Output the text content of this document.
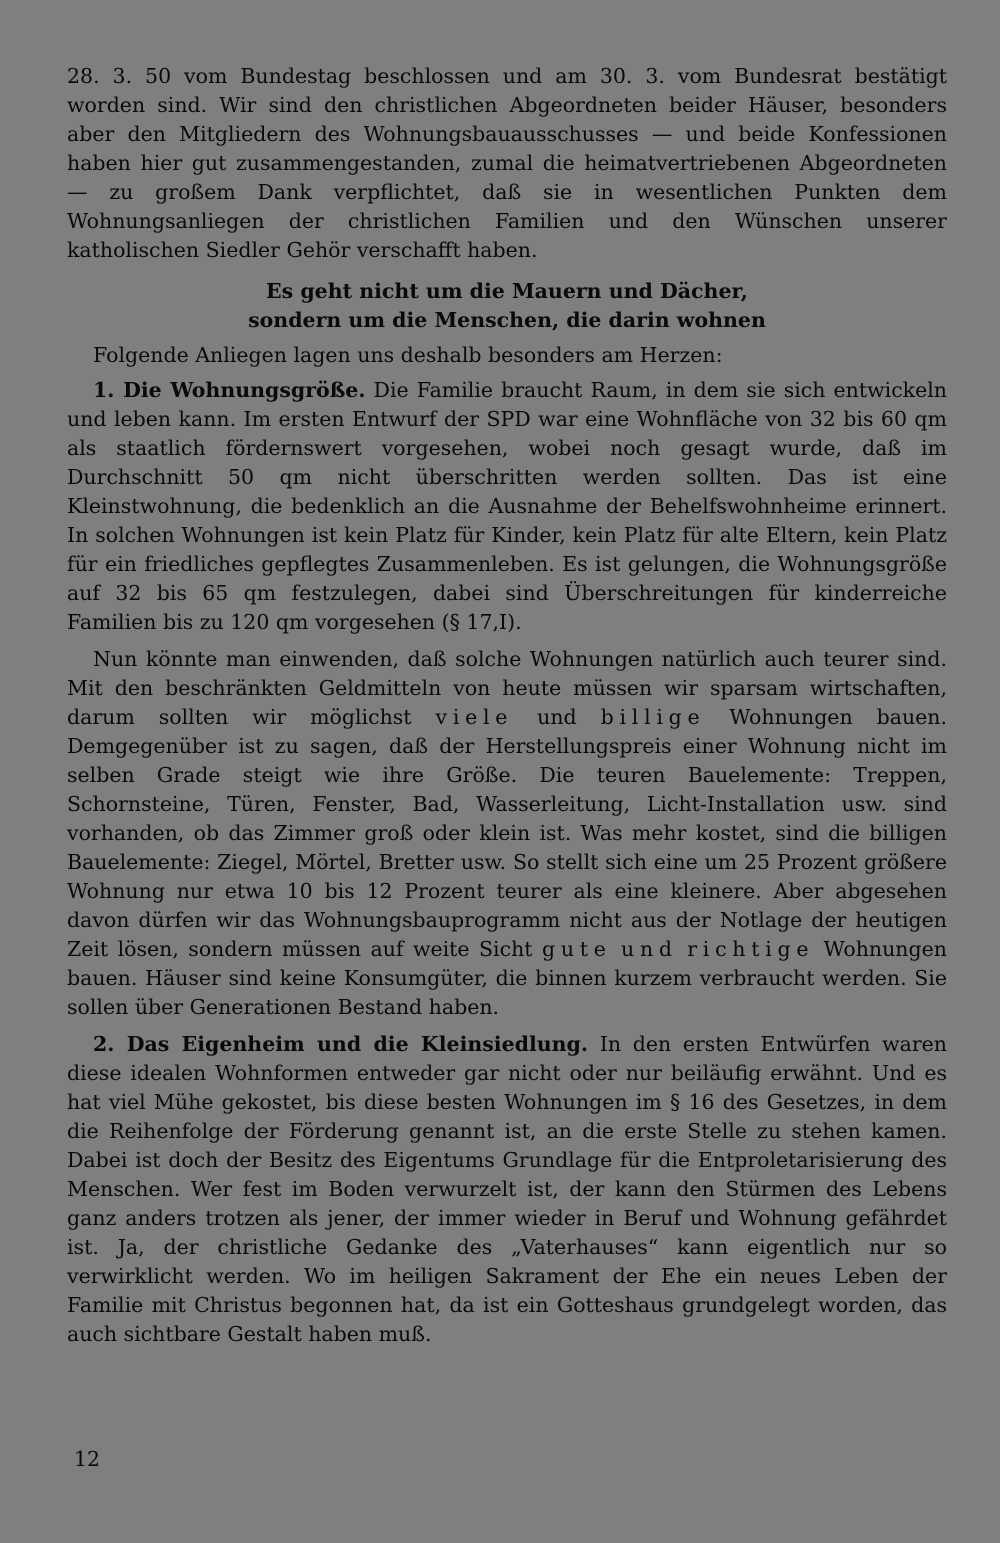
28. 3. 50 vom Bundestag beschlossen und am 30. 3. vom Bundesrat bestätigt worden sind. Wir sind den christlichen Abgeordneten beider Häuser, besonders aber den Mitgliedern des Wohnungsbauausschusses — und beide Konfessionen haben hier gut zusammengestanden, zumal die heimatvertriebenen Abgeordneten — zu großem Dank verpflichtet, daß sie in wesentlichen Punkten dem Wohnungsanliegen der christlichen Familien und den Wünschen unserer katholischen Siedler Gehör verschafft haben.

Es geht nicht um die Mauern und Dächer,
sondern um die Menschen, die darin wohnen

Folgende Anliegen lagen uns deshalb besonders am Herzen:

1. Die Wohnungsgröße. Die Familie braucht Raum, in dem sie sich entwickeln und leben kann. Im ersten Entwurf der SPD war eine Wohnfläche von 32 bis 60 qm als staatlich fördernswert vorgesehen, wobei noch gesagt wurde, daß im Durchschnitt 50 qm nicht überschritten werden sollten. Das ist eine Kleinstwohnung, die bedenklich an die Ausnahme der Behelfswohnheime erinnert. In solchen Wohnungen ist kein Platz für Kinder, kein Platz für alte Eltern, kein Platz für ein friedliches gepflegtes Zusammenleben. Es ist gelungen, die Wohnungsgröße auf 32 bis 65 qm festzulegen, dabei sind Überschreitungen für kinderreiche Familien bis zu 120 qm vorgesehen (§ 17,I).

Nun könnte man einwenden, daß solche Wohnungen natürlich auch teurer sind. Mit den beschränkten Geldmitteln von heute müssen wir sparsam wirtschaften, darum sollten wir möglichst viele und billige Wohnungen bauen. Demgegenüber ist zu sagen, daß der Herstellungspreis einer Wohnung nicht im selben Grade steigt wie ihre Größe. Die teuren Bauelemente: Treppen, Schornsteine, Türen, Fenster, Bad, Wasserleitung, Licht-Installation usw. sind vorhanden, ob das Zimmer groß oder klein ist. Was mehr kostet, sind die billigen Bauelemente: Ziegel, Mörtel, Bretter usw. So stellt sich eine um 25 Prozent größere Wohnung nur etwa 10 bis 12 Prozent teurer als eine kleinere. Aber abgesehen davon dürfen wir das Wohnungsbauprogramm nicht aus der Notlage der heutigen Zeit lösen, sondern müssen auf weite Sicht gute und richtige Wohnungen bauen. Häuser sind keine Konsumgüter, die binnen kurzem verbraucht werden. Sie sollen über Generationen Bestand haben.

2. Das Eigenheim und die Kleinsiedlung. In den ersten Entwürfen waren diese idealen Wohnformen entweder gar nicht oder nur beiläufig erwähnt. Und es hat viel Mühe gekostet, bis diese besten Wohnungen im § 16 des Gesetzes, in dem die Reihenfolge der Förderung genannt ist, an die erste Stelle zu stehen kamen. Dabei ist doch der Besitz des Eigentums Grundlage für die Entproletarisierung des Menschen. Wer fest im Boden verwurzelt ist, der kann den Stürmen des Lebens ganz anders trotzen als jener, der immer wieder in Beruf und Wohnung gefährdet ist. Ja, der christliche Gedanke des „Vaterhauses“ kann eigentlich nur so verwirklicht werden. Wo im heiligen Sakrament der Ehe ein neues Leben der Familie mit Christus begonnen hat, da ist ein Gotteshaus grundgelegt worden, das auch sichtbare Gestalt haben muß.

12
